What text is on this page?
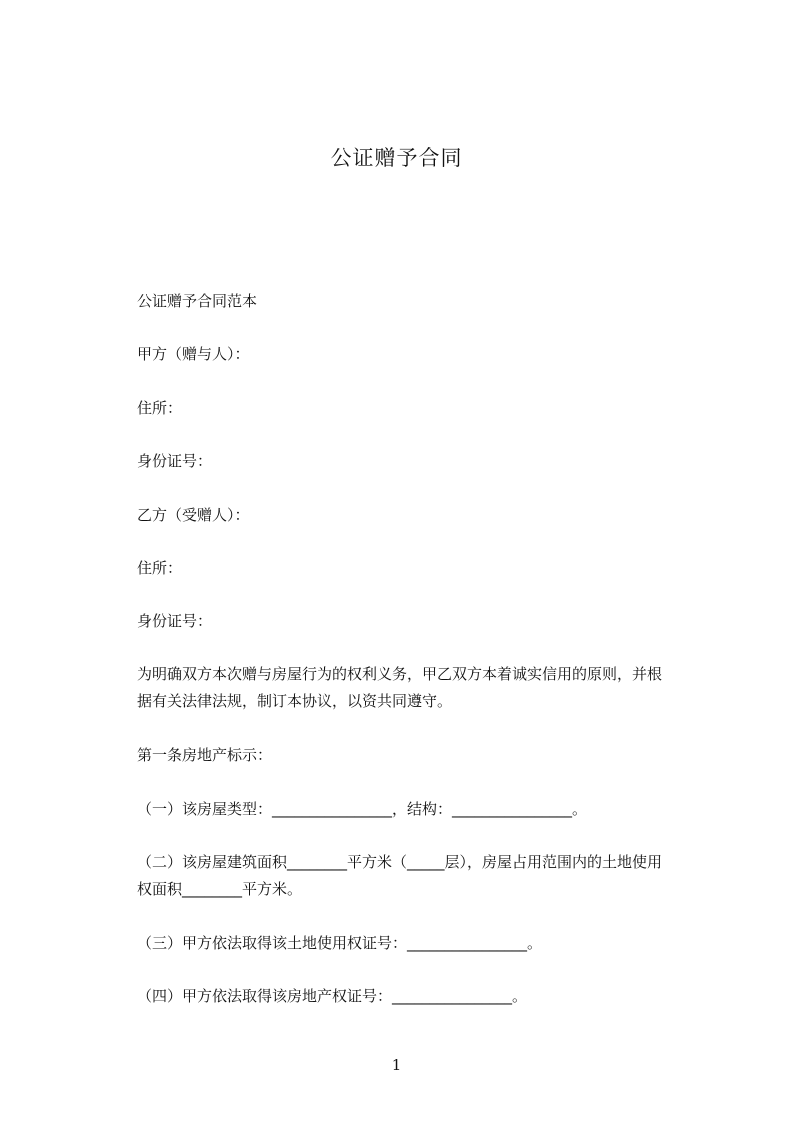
公证赠予合同
公证赠予合同范本
甲方（赠与人）：
住所：
身份证号：
乙方（受赠人）：
住所：
身份证号：
为明确双方本次赠与房屋行为的权利义务，甲乙双方本着诚实信用的原则，并根
据有关法律法规，制订本协议，以资共同遵守。
第一条房地产标示：
（一）该房屋类型：________________，结构：________________。
（二）该房屋建筑面积________平方米（_____层），房屋占用范围内的土地使用
权面积________平方米。
（三）甲方依法取得该土地使用权证号：________________。
（四）甲方依法取得该房地产权证号：________________。
1
